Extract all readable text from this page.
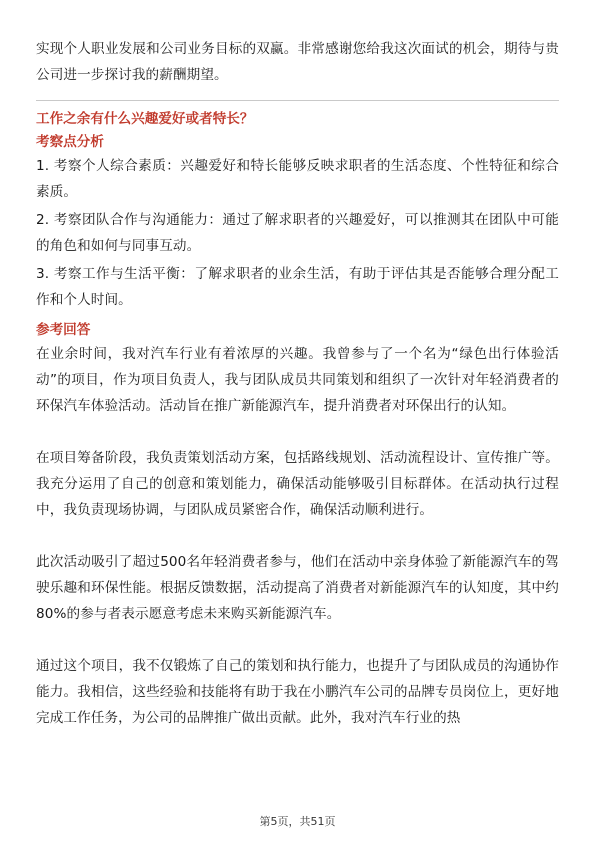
实现个人职业发展和公司业务目标的双赢。非常感谢您给我这次面试的机会，期待与贵公司进一步探讨我的薪酬期望。

工作之余有什么兴趣爱好或者特长？

考察点分析

1. 考察个人综合素质：兴趣爱好和特长能够反映求职者的生活态度、个性特征和综合素质。

2. 考察团队合作与沟通能力：通过了解求职者的兴趣爱好，可以推测其在团队中可能的角色和如何与同事互动。

3. 考察工作与生活平衡：了解求职者的业余生活，有助于评估其是否能够合理分配工作和个人时间。

参考回答

在业余时间，我对汽车行业有着浓厚的兴趣。我曾参与了一个名为“绿色出行体验活动”的项目，作为项目负责人，我与团队成员共同策划和组织了一次针对年轻消费者的环保汽车体验活动。活动旨在推广新能源汽车，提升消费者对环保出行的认知。

在项目筹备阶段，我负责策划活动方案，包括路线规划、活动流程设计、宣传推广等。我充分运用了自己的创意和策划能力，确保活动能够吸引目标群体。在活动执行过程中，我负责现场协调，与团队成员紧密合作，确保活动顺利进行。

此次活动吸引了超过500名年轻消费者参与，他们在活动中亲身体验了新能源汽车的驾驶乐趣和环保性能。根据反馈数据，活动提高了消费者对新能源汽车的认知度，其中约80%的参与者表示愿意考虑未来购买新能源汽车。

通过这个项目，我不仅锻炼了自己的策划和执行能力，也提升了与团队成员的沟通协作能力。我相信，这些经验和技能将有助于我在小鹏汽车公司的品牌专员岗位上，更好地完成工作任务，为公司的品牌推广做出贡献。此外，我对汽车行业的热

第5页，共51页
